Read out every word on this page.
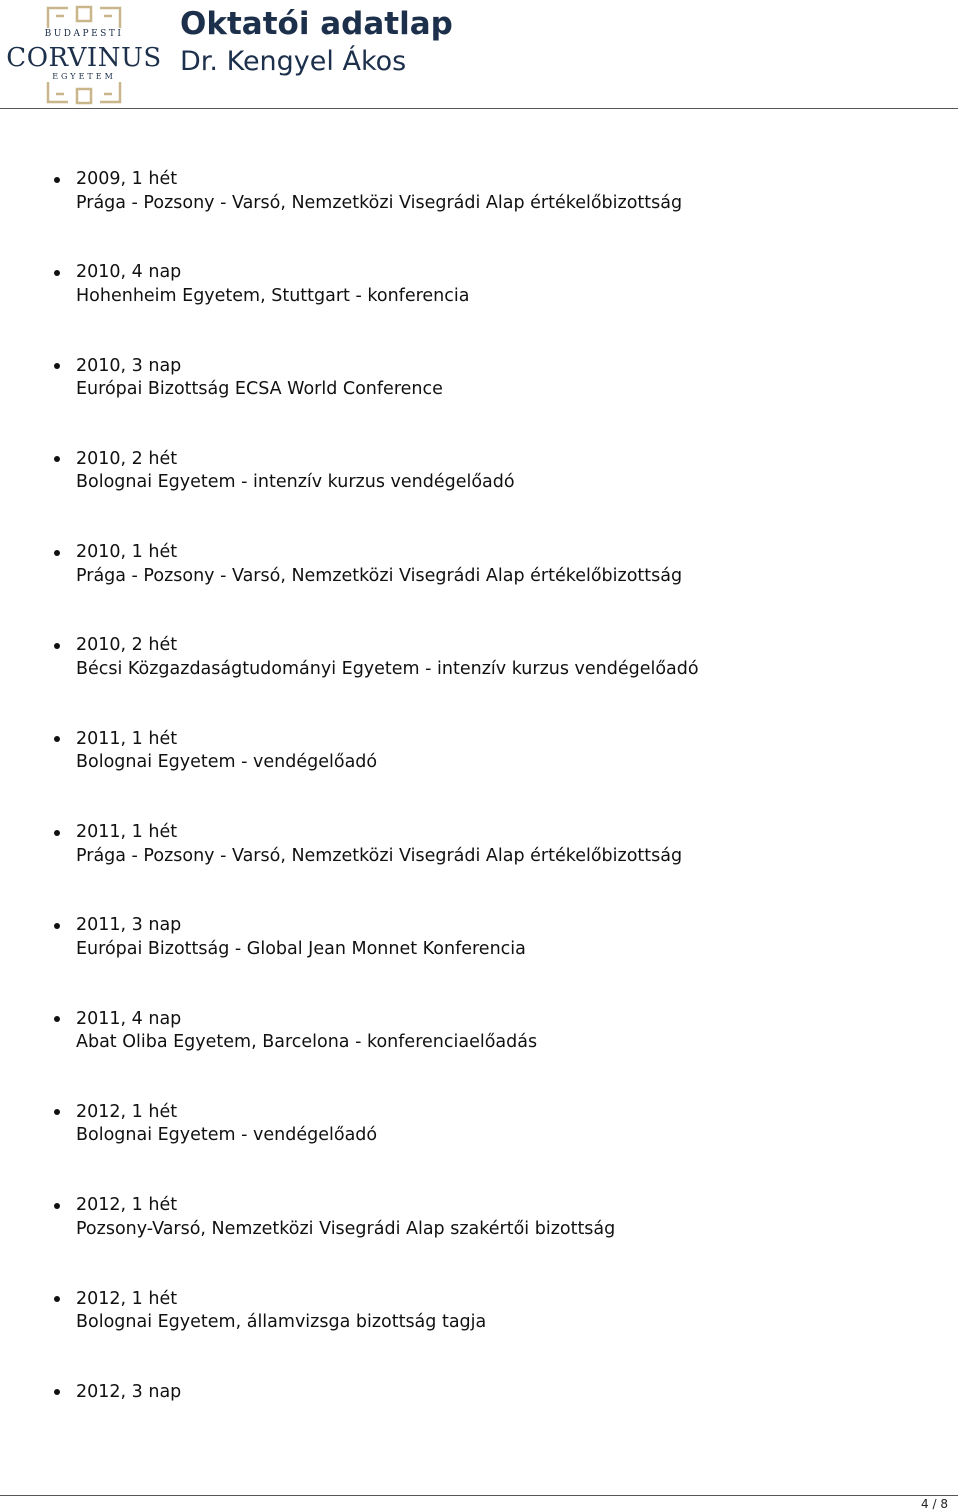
BUDAPESTI
CORVINUS
EGYETEM
Oktatói adatlap
Dr. Kengyel Ákos
2009, 1 hét
Prága - Pozsony - Varsó, Nemzetközi Visegrádi Alap értékelőbizottság
2010, 4 nap
Hohenheim Egyetem, Stuttgart - konferencia
2010, 3 nap
Európai Bizottság ECSA World Conference
2010, 2 hét
Bolognai Egyetem - intenzív kurzus vendégelőadó
2010, 1 hét
Prága - Pozsony - Varsó, Nemzetközi Visegrádi Alap értékelőbizottság
2010, 2 hét
Bécsi Közgazdaságtudományi Egyetem - intenzív kurzus vendégelőadó
2011, 1 hét
Bolognai Egyetem - vendégelőadó
2011, 1 hét
Prága - Pozsony - Varsó, Nemzetközi Visegrádi Alap értékelőbizottság
2011, 3 nap
Európai Bizottság - Global Jean Monnet Konferencia
2011, 4 nap
Abat Oliba Egyetem, Barcelona - konferenciaelőadás
2012, 1 hét
Bolognai Egyetem - vendégelőadó
2012, 1 hét
Pozsony-Varsó, Nemzetközi Visegrádi Alap szakértői bizottság
2012, 1 hét
Bolognai Egyetem, államvizsga bizottság tagja
2012, 3 nap
4 / 8
